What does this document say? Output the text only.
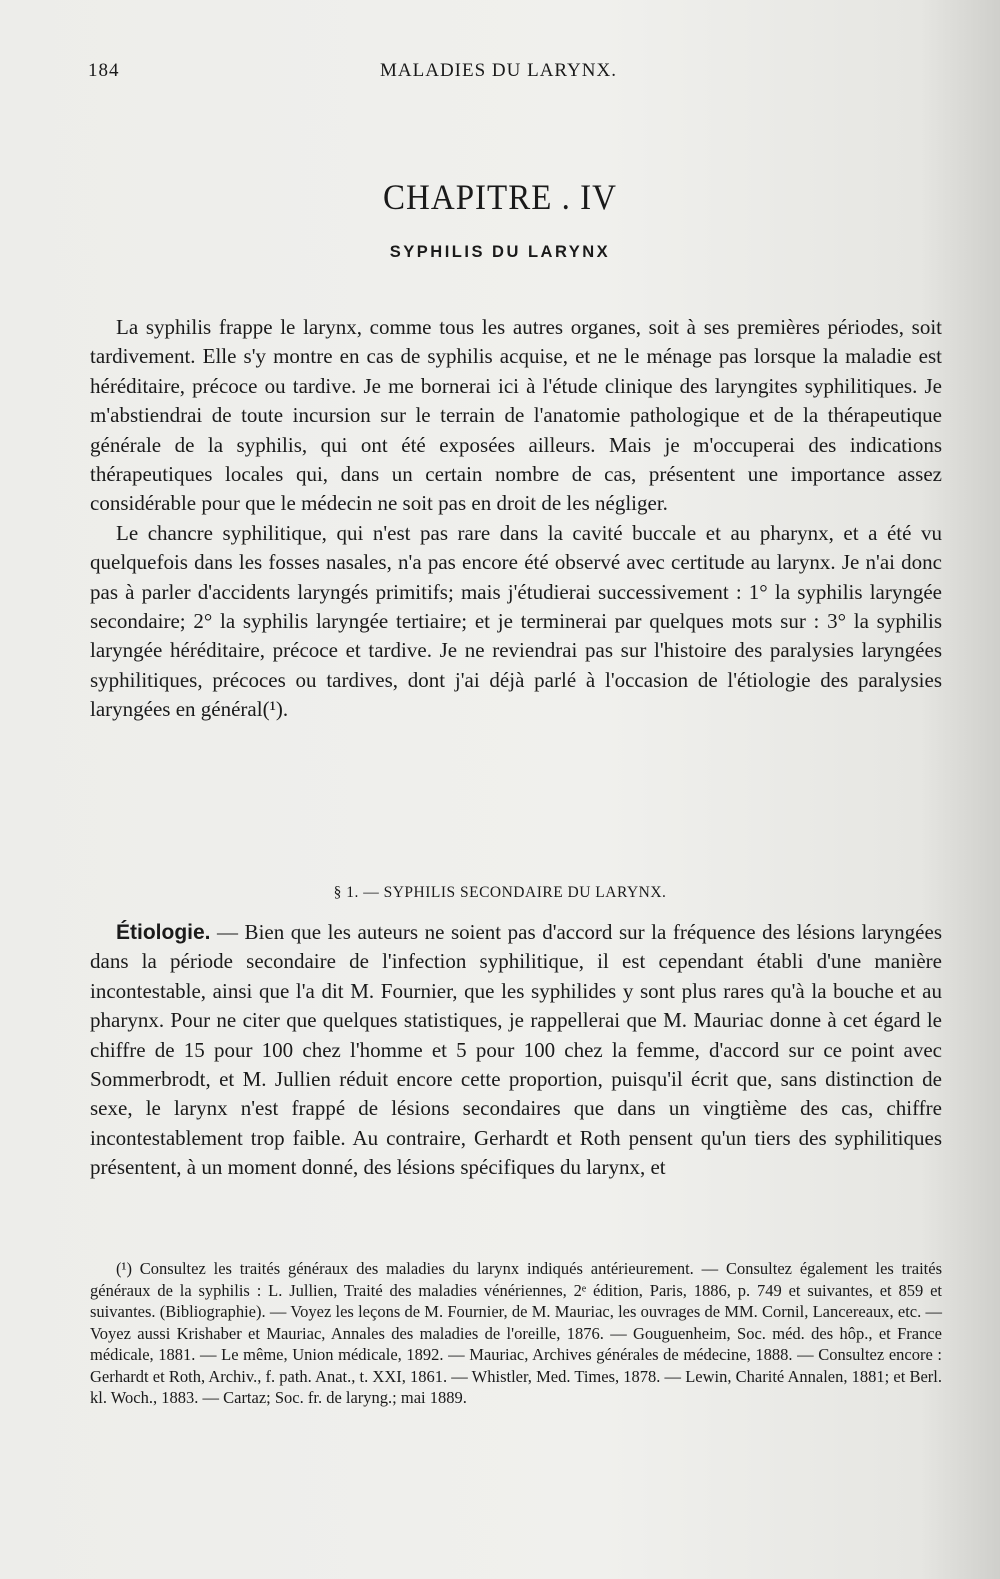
184	MALADIES DU LARYNX.
CHAPITRE . IV
SYPHILIS DU LARYNX

La syphilis frappe le larynx, comme tous les autres organes, soit à ses premières périodes, soit tardivement. Elle s'y montre en cas de syphilis acquise, et ne le ménage pas lorsque la maladie est héréditaire, précoce ou tardive. Je me bornerai ici à l'étude clinique des laryngites syphilitiques. Je m'abstiendrai de toute incursion sur le terrain de l'anatomie pathologique et de la thérapeutique générale de la syphilis, qui ont été exposées ailleurs. Mais je m'occuperai des indications thérapeutiques locales qui, dans un certain nombre de cas, présentent une importance assez considérable pour que le médecin ne soit pas en droit de les négliger.

Le chancre syphilitique, qui n'est pas rare dans la cavité buccale et au pharynx, et a été vu quelquefois dans les fosses nasales, n'a pas encore été observé avec certitude au larynx. Je n'ai donc pas à parler d'accidents laryngés primitifs; mais j'étudierai successivement : 1° la syphilis laryngée secondaire; 2° la syphilis laryngée tertiaire; et je terminerai par quelques mots sur : 3° la syphilis laryngée héréditaire, précoce et tardive. Je ne reviendrai pas sur l'histoire des paralysies laryngées syphilitiques, précoces ou tardives, dont j'ai déjà parlé à l'occasion de l'étiologie des paralysies laryngées en général(¹).

§ 1. — SYPHILIS SECONDAIRE DU LARYNX.
Étiologie. — Bien que les auteurs ne soient pas d'accord sur la fréquence des lésions laryngées dans la période secondaire de l'infection syphilitique, il est cependant établi d'une manière incontestable, ainsi que l'a dit M. Fournier, que les syphilides y sont plus rares qu'à la bouche et au pharynx. Pour ne citer que quelques statistiques, je rappellerai que M. Mauriac donne à cet égard le chiffre de 15 pour 100 chez l'homme et 5 pour 100 chez la femme, d'accord sur ce point avec Sommerbrodt, et M. Jullien réduit encore cette proportion, puisqu'il écrit que, sans distinction de sexe, le larynx n'est frappé de lésions secondaires que dans un vingtième des cas, chiffre incontestablement trop faible. Au contraire, Gerhardt et Roth pensent qu'un tiers des syphilitiques présentent, à un moment donné, des lésions spécifiques du larynx, et

(¹) Consultez les traités généraux des maladies du larynx indiqués antérieurement. — Consultez également les traités généraux de la syphilis : L. Jullien, Traité des maladies vénériennes, 2ᵉ édition, Paris, 1886, p. 749 et suivantes, et 859 et suivantes. (Bibliographie). — Voyez les leçons de M. Fournier, de M. Mauriac, les ouvrages de MM. Cornil, Lancereaux, etc. — Voyez aussi Krishaber et Mauriac, Annales des maladies de l'oreille, 1876. — Gouguenheim, Soc. méd. des hôp., et France médicale, 1881. — Le même, Union médicale, 1892. — Mauriac, Archives générales de médecine, 1888. — Consultez encore : Gerhardt et Roth, Archiv., f. path. Anat., t. XXI, 1861. — Whistler, Med. Times, 1878. — Lewin, Charité Annalen, 1881; et Berl. kl. Woch., 1883. — Cartaz; Soc. fr. de laryng.; mai 1889.
